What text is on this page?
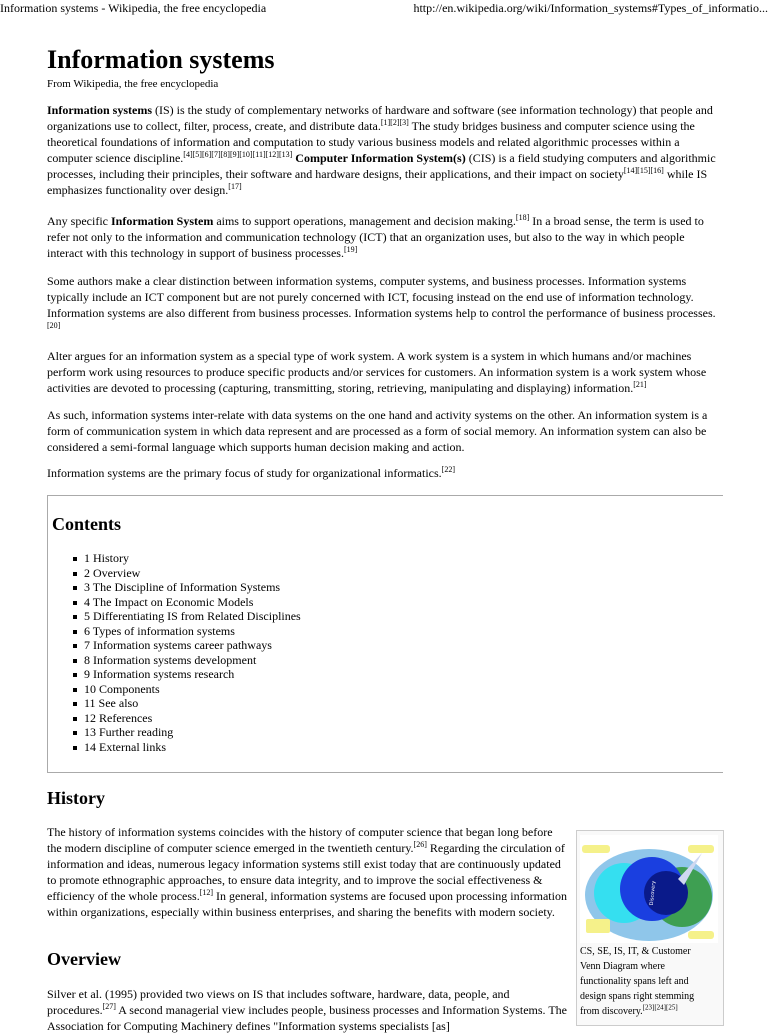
Information systems - Wikipedia, the free encyclopedia	http://en.wikipedia.org/wiki/Information_systems#Types_of_informatio...
Information systems
From Wikipedia, the free encyclopedia

Information systems (IS) is the study of complementary networks of hardware and software (see information technology) that people and organizations use to collect, filter, process, create, and distribute data.[1][2][3] The study bridges business and computer science using the theoretical foundations of information and computation to study various business models and related algorithmic processes within a computer science discipline.[4][5][6][7][8][9][10][11][12][13] Computer Information System(s) (CIS) is a field studying computers and algorithmic processes, including their principles, their software and hardware designs, their applications, and their impact on society[14][15][16] while IS emphasizes functionality over design.[17]

Any specific Information System aims to support operations, management and decision making.[18] In a broad sense, the term is used to refer not only to the information and communication technology (ICT) that an organization uses, but also to the way in which people interact with this technology in support of business processes.[19]

Some authors make a clear distinction between information systems, computer systems, and business processes. Information systems typically include an ICT component but are not purely concerned with ICT, focusing instead on the end use of information technology. Information systems are also different from business processes. Information systems help to control the performance of business processes.[20]

Alter argues for an information system as a special type of work system. A work system is a system in which humans and/or machines perform work using resources to produce specific products and/or services for customers. An information system is a work system whose activities are devoted to processing (capturing, transmitting, storing, retrieving, manipulating and displaying) information.[21]

As such, information systems inter-relate with data systems on the one hand and activity systems on the other. An information system is a form of communication system in which data represent and are processed as a form of social memory. An information system can also be considered a semi-formal language which supports human decision making and action.

Information systems are the primary focus of study for organizational informatics.[22]

Contents
1 History
2 Overview
3 The Discipline of Information Systems
4 The Impact on Economic Models
5 Differentiating IS from Related Disciplines
6 Types of information systems
7 Information systems career pathways
8 Information systems development
9 Information systems research
10 Components
11 See also
12 References
13 Further reading
14 External links
History

The history of information systems coincides with the history of computer science that began long before the modern discipline of computer science emerged in the twentieth century.[26] Regarding the circulation of information and ideas, numerous legacy information systems still exist today that are continuously updated to promote ethnographic approaches, to ensure data integrity, and to improve the social effectiveness & efficiency of the whole process.[12] In general, information systems are focused upon processing information within organizations, especially within business enterprises, and sharing the benefits with modern society.

Overview

Silver et al. (1995) provided two views on IS that includes software, hardware, data, people, and procedures.[27] A second managerial view includes people, business processes and Information Systems. The Association for Computing Machinery defines "Information systems specialists [as]

Discovery
CS, SE, IS, IT, & Customer Venn Diagram where functionality spans left and design spans right stemming from discovery.[23][24][25]
